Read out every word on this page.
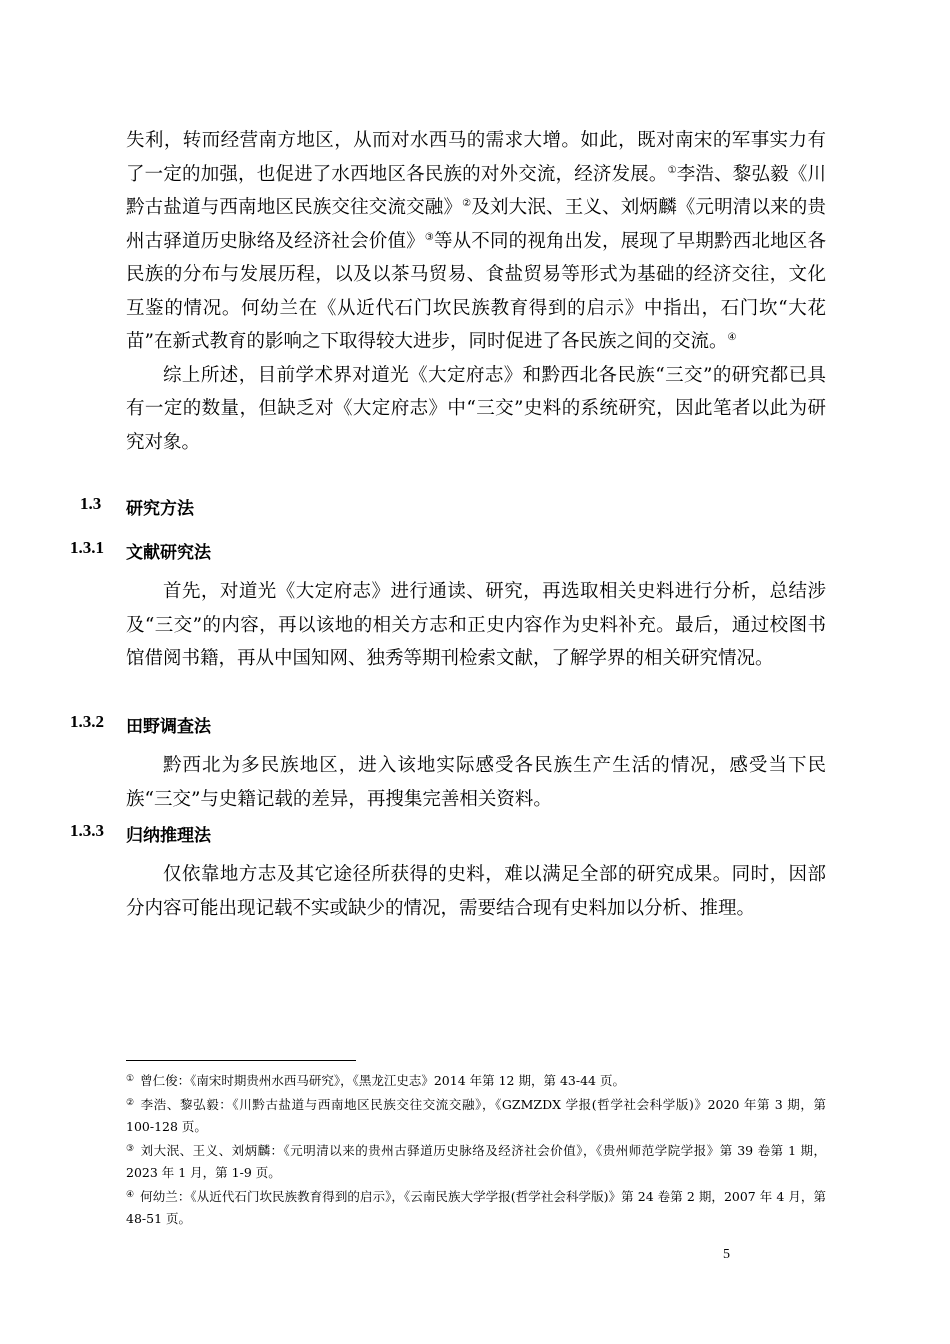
失利，转而经营南方地区，从而对水西马的需求大增。如此，既对南宋的军事实力有了一定的加强，也促进了水西地区各民族的对外交流，经济发展。①李浩、黎弘毅《川黔古盐道与西南地区民族交往交流交融》②及刘大泯、王义、刘炳麟《元明清以来的贵州古驿道历史脉络及经济社会价值》③等从不同的视角出发，展现了早期黔西北地区各民族的分布与发展历程，以及以茶马贸易、食盐贸易等形式为基础的经济交往，文化互鉴的情况。何幼兰在《从近代石门坎民族教育得到的启示》中指出，石门坎“大花苗”在新式教育的影响之下取得较大进步，同时促进了各民族之间的交流。④

综上所述，目前学术界对道光《大定府志》和黔西北各民族“三交”的研究都已具有一定的数量，但缺乏对《大定府志》中“三交”史料的系统研究，因此笔者以此为研究对象。

1.3 研究方法
1.3.1 文献研究法

首先，对道光《大定府志》进行通读、研究，再选取相关史料进行分析，总结涉及“三交”的内容，再以该地的相关方志和正史内容作为史料补充。最后，通过校图书馆借阅书籍，再从中国知网、独秀等期刊检索文献，了解学界的相关研究情况。

1.3.2 田野调查法

黔西北为多民族地区，进入该地实际感受各民族生产生活的情况，感受当下民族“三交”与史籍记载的差异，再搜集完善相关资料。

1.3.3 归纳推理法

仅依靠地方志及其它途径所获得的史料，难以满足全部的研究成果。同时，因部分内容可能出现记载不实或缺少的情况，需要结合现有史料加以分析、推理。

① 曾仁俊：《南宋时期贵州水西马研究》，《黑龙江史志》2014 年第 12 期，第 43-44 页。

② 李浩、黎弘毅：《川黔古盐道与西南地区民族交往交流交融》，《GZMZDX 学报(哲学社会科学版)》2020 年第 3 期，第 100-128 页。

③ 刘大泯、王义、刘炳麟：《元明清以来的贵州古驿道历史脉络及经济社会价值》，《贵州师范学院学报》第 39 卷第 1 期，2023 年 1 月，第 1-9 页。

④ 何幼兰：《从近代石门坎民族教育得到的启示》，《云南民族大学学报(哲学社会科学版)》第 24 卷第 2 期，2007 年 4 月，第 48-51 页。

5
